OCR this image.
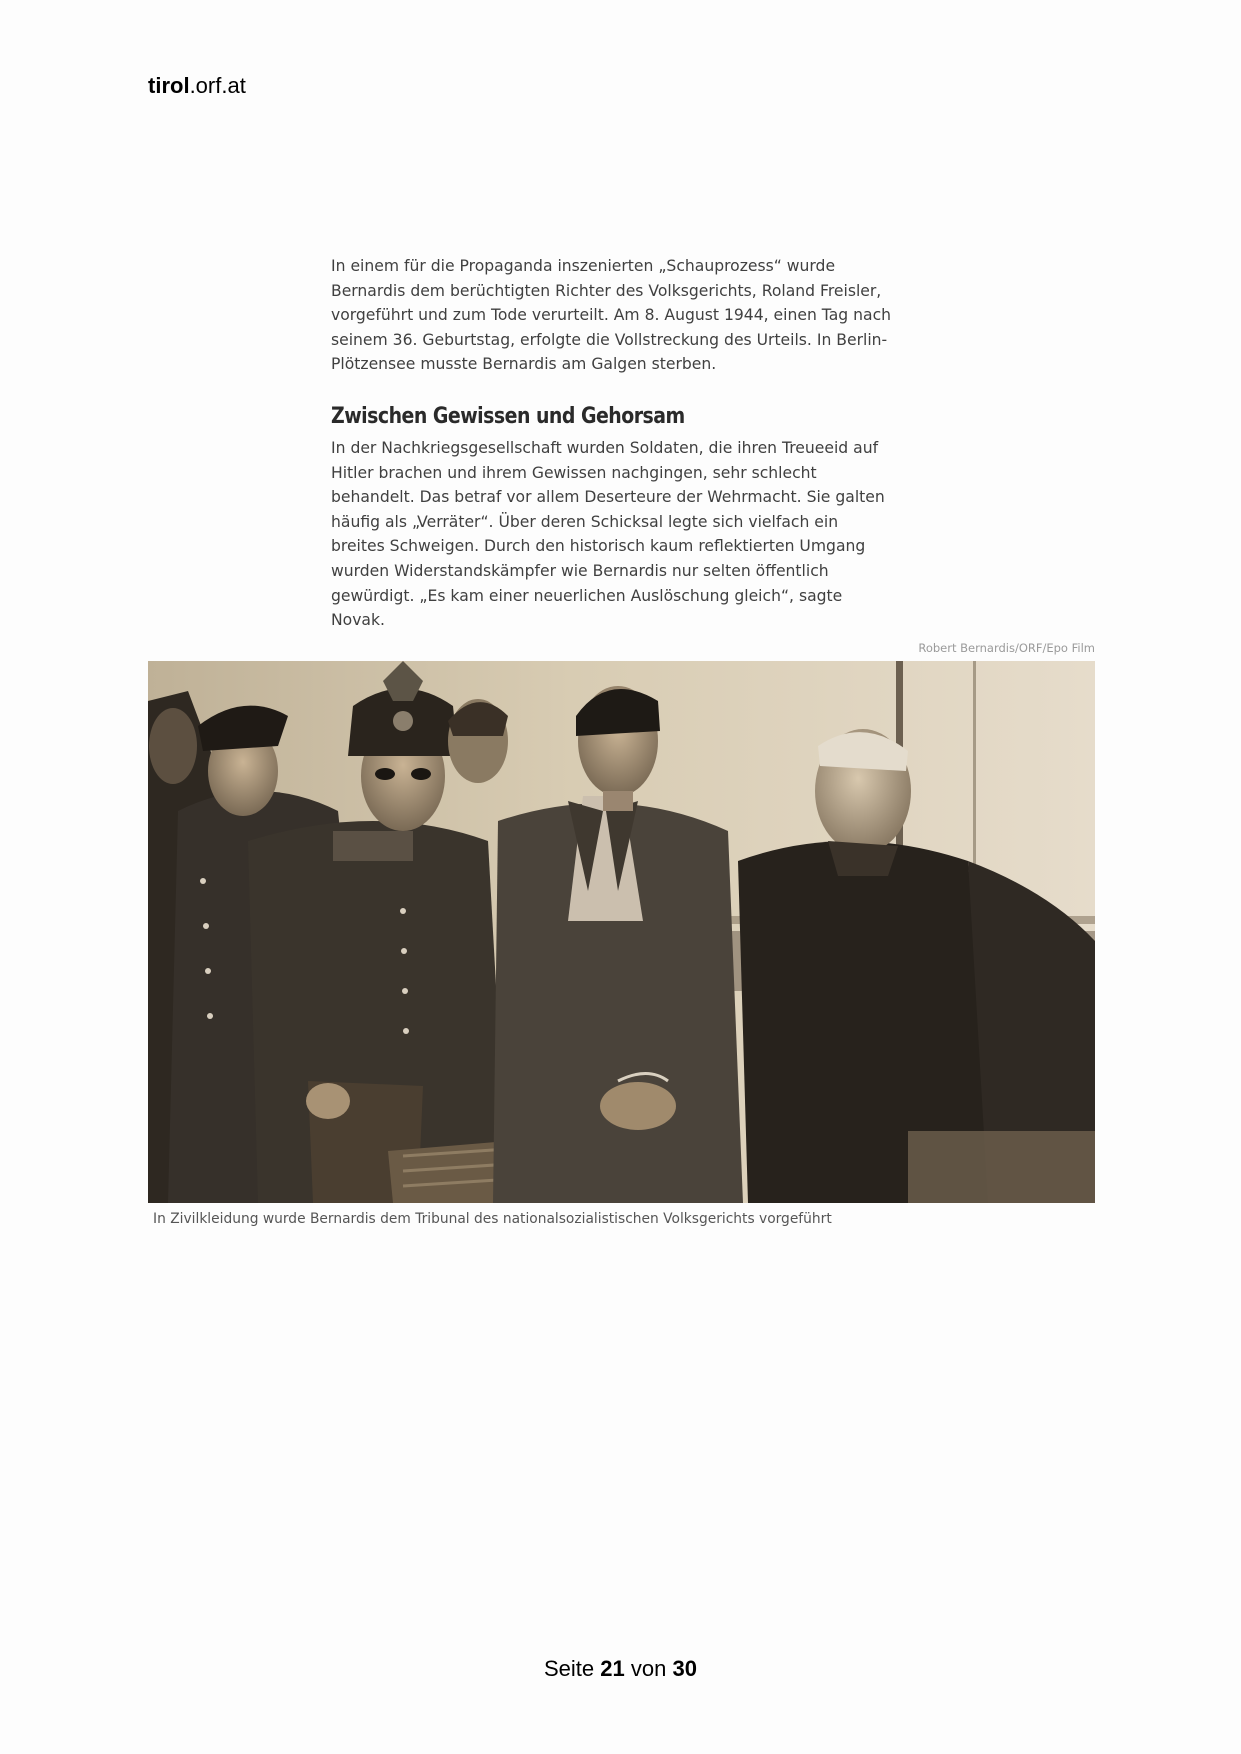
tirol.orf.at

In einem für die Propaganda inszenierten „Schauprozess“ wurde
Bernardis dem berüchtigten Richter des Volksgerichts, Roland Freisler,
vorgeführt und zum Tode verurteilt. Am 8. August 1944, einen Tag nach
seinem 36. Geburtstag, erfolgte die Vollstreckung des Urteils. In Berlin-
Plötzensee musste Bernardis am Galgen sterben.

Zwischen Gewissen und Gehorsam

In der Nachkriegsgesellschaft wurden Soldaten, die ihren Treueeid auf
Hitler brachen und ihrem Gewissen nachgingen, sehr schlecht
behandelt. Das betraf vor allem Deserteure der Wehrmacht. Sie galten
häufig als „Verräter“. Über deren Schicksal legte sich vielfach ein
breites Schweigen. Durch den historisch kaum reflektierten Umgang
wurden Widerstandskämpfer wie Bernardis nur selten öffentlich
gewürdigt. „Es kam einer neuerlichen Auslöschung gleich“, sagte
Novak.

Robert Bernardis/ORF/Epo Film
In Zivilkleidung wurde Bernardis dem Tribunal des nationalsozialistischen Volksgerichts vorgeführt
Seite 21 von 30
